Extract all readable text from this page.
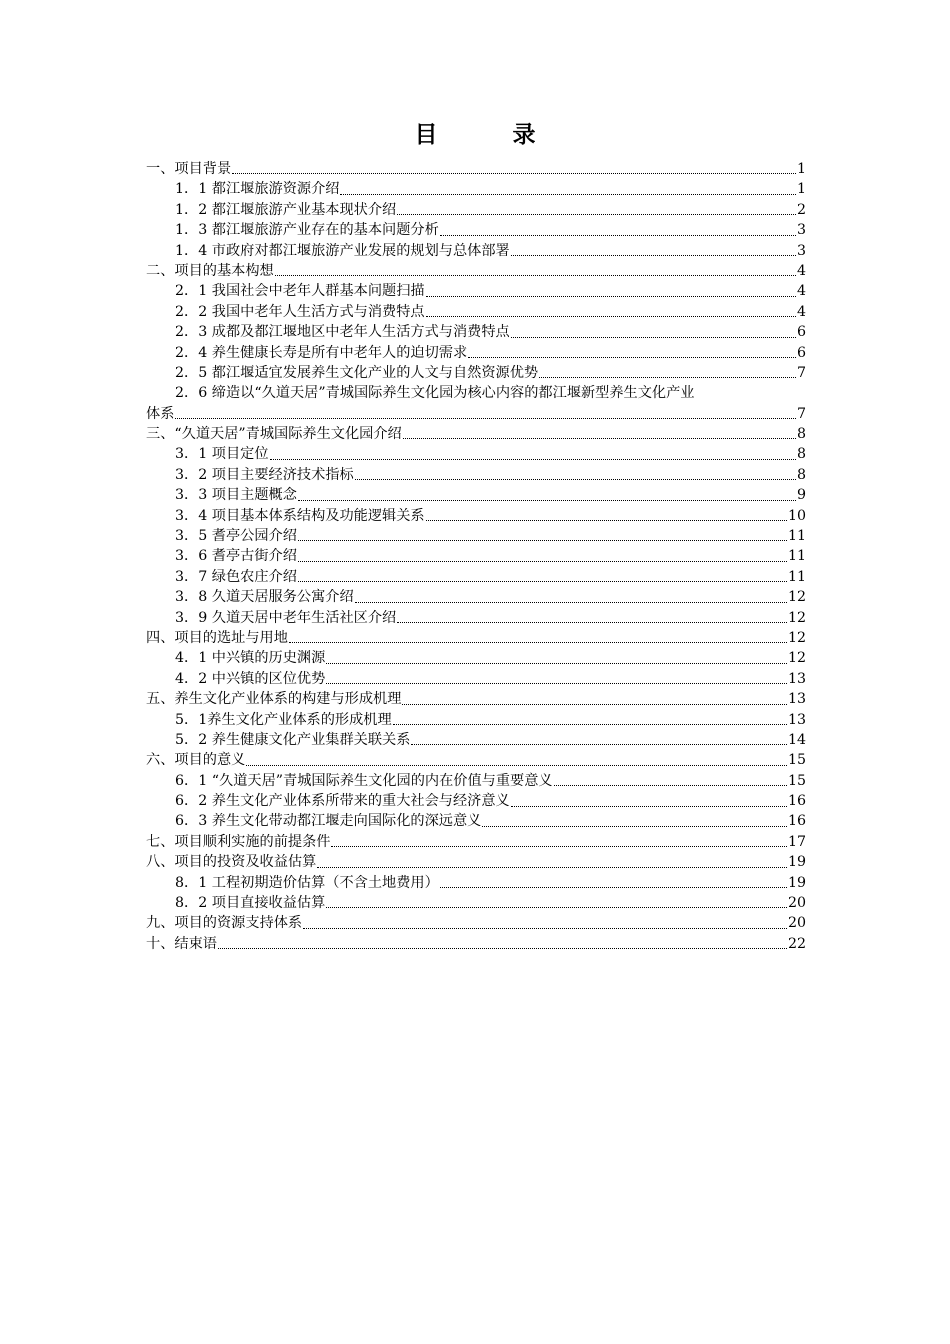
目　录
一、项目背景	1
1．1 都江堰旅游资源介绍	1
1．2 都江堰旅游产业基本现状介绍	2
1．3 都江堰旅游产业存在的基本问题分析	3
1．4 市政府对都江堰旅游产业发展的规划与总体部署	3
二、项目的基本构想	4
2．1 我国社会中老年人群基本问题扫描	4
2．2 我国中老年人生活方式与消费特点	4
2．3 成都及都江堰地区中老年人生活方式与消费特点	6
2．4 养生健康长寿是所有中老年人的迫切需求	6
2．5 都江堰适宜发展养生文化产业的人文与自然资源优势	7
2．6 缔造以“久道天居”青城国际养生文化园为核心内容的都江堰新型养生文化产业
体系	7
三、“久道天居”青城国际养生文化园介绍	8
3．1 项目定位	8
3．2 项目主要经济技术指标	8
3．3 项目主题概念	9
3．4 项目基本体系结构及功能逻辑关系	10
3．5 耆亭公园介绍	11
3．6 耆亭古街介绍	11
3．7 绿色农庄介绍	11
3．8 久道天居服务公寓介绍	12
3．9 久道天居中老年生活社区介绍	12
四、项目的选址与用地	12
4．1 中兴镇的历史渊源	12
4．2 中兴镇的区位优势	13
五、养生文化产业体系的构建与形成机理	13
5．1养生文化产业体系的形成机理	13
5．2 养生健康文化产业集群关联关系	14
六、项目的意义	15
6．1 “久道天居”青城国际养生文化园的内在价值与重要意义	15
6．2 养生文化产业体系所带来的重大社会与经济意义	16
6．3 养生文化带动都江堰走向国际化的深远意义	16
七、项目顺利实施的前提条件	17
八、项目的投资及收益估算	19
8．1 工程初期造价估算（不含土地费用）	19
8．2 项目直接收益估算	20
九、项目的资源支持体系	20
十、结束语	22
